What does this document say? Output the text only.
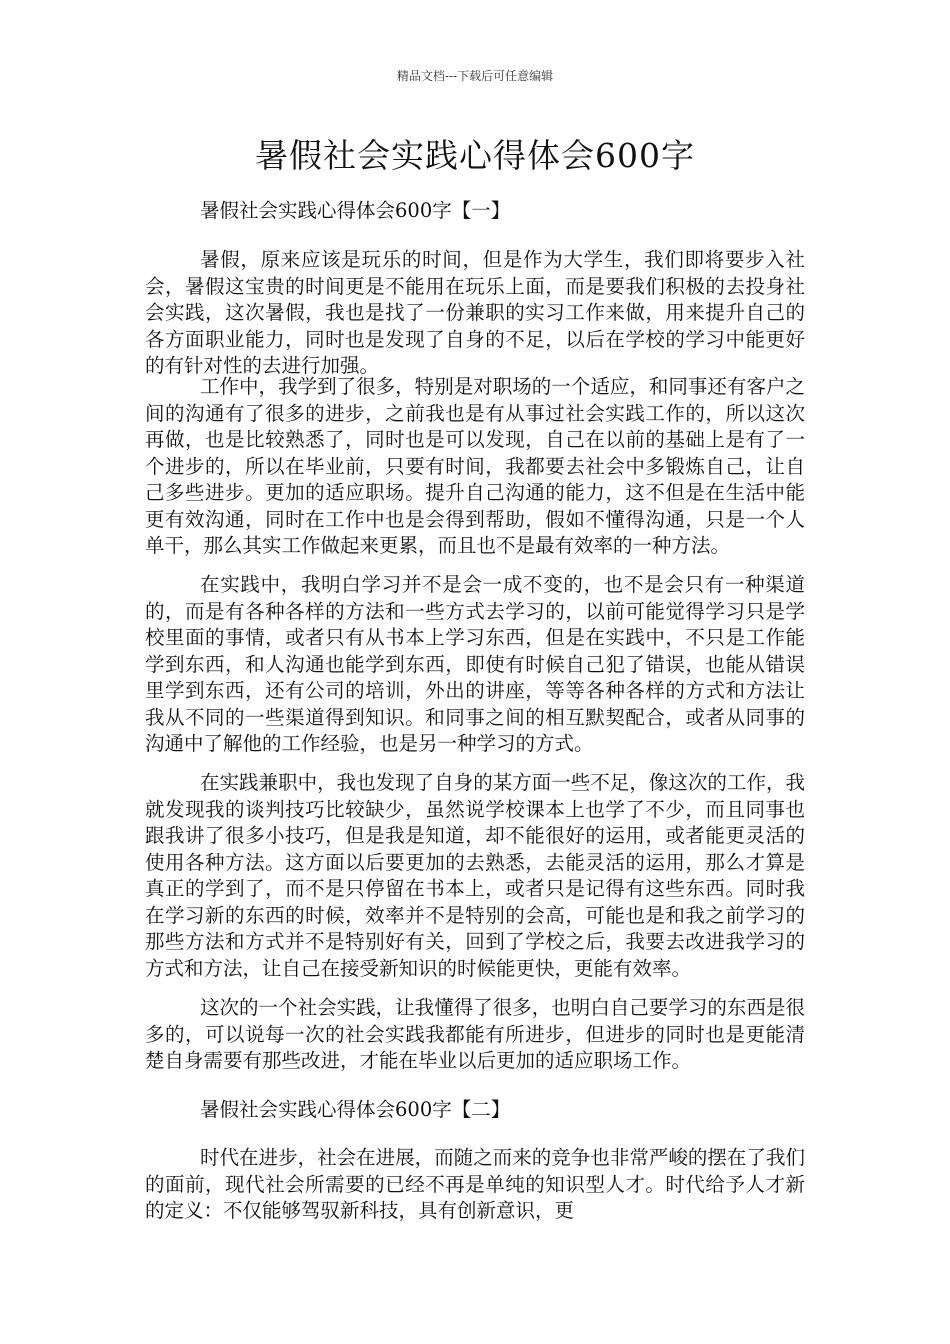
精品文档---下载后可任意编辑
暑假社会实践心得体会600字
暑假社会实践心得体会600字【一】

暑假，原来应该是玩乐的时间，但是作为大学生，我们即将要步入社会，暑假这宝贵的时间更是不能用在玩乐上面，而是要我们积极的去投身社会实践，这次暑假，我也是找了一份兼职的实习工作来做，用来提升自己的各方面职业能力，同时也是发现了自身的不足，以后在学校的学习中能更好的有针对性的去进行加强。

工作中，我学到了很多，特别是对职场的一个适应，和同事还有客户之间的沟通有了很多的进步，之前我也是有从事过社会实践工作的，所以这次再做，也是比较熟悉了，同时也是可以发现，自己在以前的基础上是有了一个进步的，所以在毕业前，只要有时间，我都要去社会中多锻炼自己，让自己多些进步。更加的适应职场。提升自己沟通的能力，这不但是在生活中能更有效沟通，同时在工作中也是会得到帮助，假如不懂得沟通，只是一个人单干，那么其实工作做起来更累，而且也不是最有效率的一种方法。

在实践中，我明白学习并不是会一成不变的，也不是会只有一种渠道的，而是有各种各样的方法和一些方式去学习的，以前可能觉得学习只是学校里面的事情，或者只有从书本上学习东西，但是在实践中，不只是工作能学到东西，和人沟通也能学到东西，即使有时候自己犯了错误，也能从错误里学到东西，还有公司的培训，外出的讲座，等等各种各样的方式和方法让我从不同的一些渠道得到知识。和同事之间的相互默契配合，或者从同事的沟通中了解他的工作经验，也是另一种学习的方式。

在实践兼职中，我也发现了自身的某方面一些不足，像这次的工作，我就发现我的谈判技巧比较缺少，虽然说学校课本上也学了不少，而且同事也跟我讲了很多小技巧，但是我是知道，却不能很好的运用，或者能更灵活的使用各种方法。这方面以后要更加的去熟悉，去能灵活的运用，那么才算是真正的学到了，而不是只停留在书本上，或者只是记得有这些东西。同时我在学习新的东西的时候，效率并不是特别的会高，可能也是和我之前学习的那些方法和方式并不是特别好有关，回到了学校之后，我要去改进我学习的方式和方法，让自己在接受新知识的时候能更快，更能有效率。

这次的一个社会实践，让我懂得了很多，也明白自己要学习的东西是很多的，可以说每一次的社会实践我都能有所进步，但进步的同时也是更能清楚自身需要有那些改进，才能在毕业以后更加的适应职场工作。

暑假社会实践心得体会600字【二】

时代在进步，社会在进展，而随之而来的竞争也非常严峻的摆在了我们的面前，现代社会所需要的已经不再是单纯的知识型人才。时代给予人才新的定义：不仅能够驾驭新科技，具有创新意识，更
